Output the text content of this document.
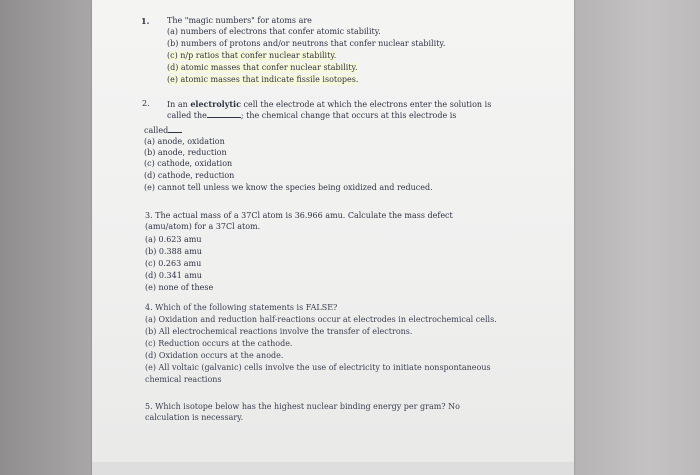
1. The "magic numbers" for atoms are

(a) numbers of electrons that confer atomic stability.

(b) numbers of protons and/or neutrons that confer nuclear stability.

(c) n/p ratios that confer nuclear stability.

(d) atomic masses that confer nuclear stability.

(e) atomic masses that indicate fissile isotopes.

2. In an electrolytic cell the electrode at which the electrons enter the solution is

called the	; the chemical change that occurs at this electrode is

called

(a) anode, oxidation

(b) anode, reduction

(c) cathode, oxidation

(d) cathode, reduction

(e) cannot tell unless we know the species being oxidized and reduced.

3. The actual mass of a 37Cl atom is 36.966 amu. Calculate the mass defect

(amu/atom) for a 37Cl atom.

(a) 0.623 amu

(b) 0.388 amu

(c) 0.263 amu

(d) 0.341 amu

(e) none of these

4. Which of the following statements is FALSE?

(a) Oxidation and reduction half-reactions occur at electrodes in electrochemical cells.

(b) All electrochemical reactions involve the transfer of electrons.

(c) Reduction occurs at the cathode.

(d) Oxidation occurs at the anode.

(e) All voltaic (galvanic) cells involve the use of electricity to initiate nonspontaneous

chemical reactions

5. Which isotope below has the highest nuclear binding energy per gram? No

calculation is necessary.
